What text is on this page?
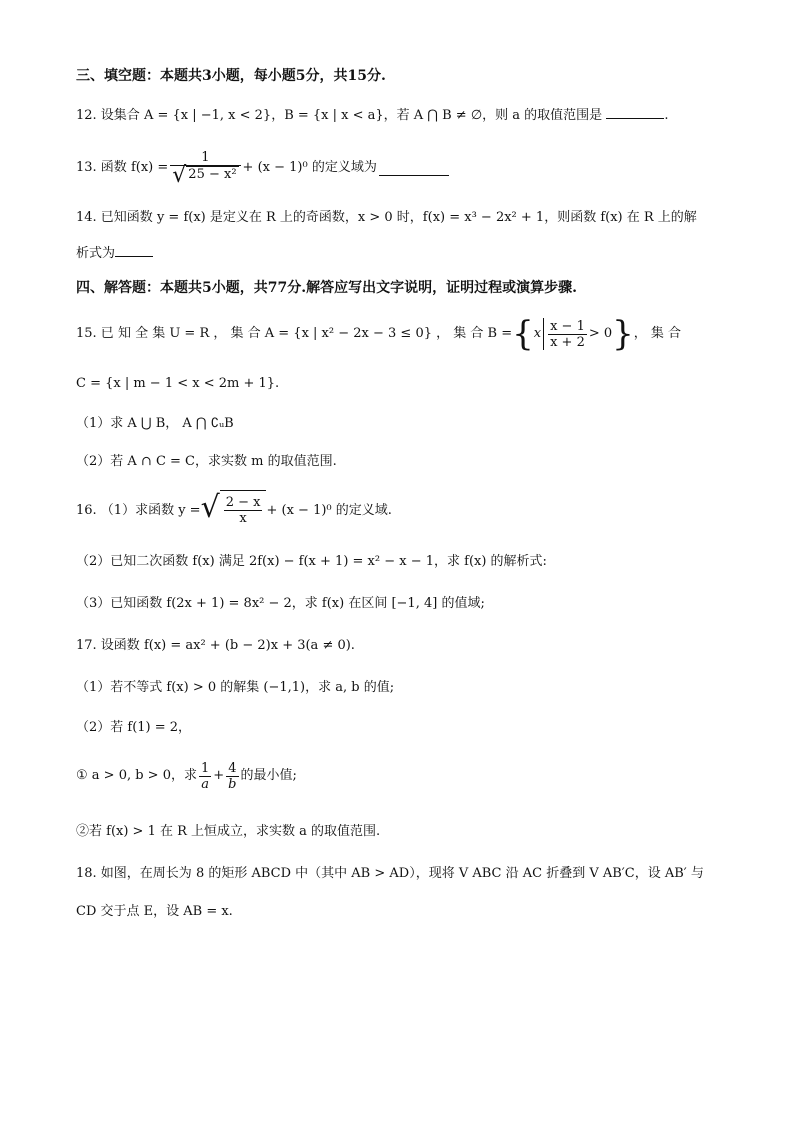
三、填空题：本题共3小题，每小题5分，共15分.
12. 设集合 A = {x | −1, x < 2}，B = {x | x < a}，若 A ⋂ B ≠ ∅，则 a 的取值范围是	.
13. 函数 $f(x) = \frac{1}{\text{√ 25 − x²}} + (x - 1)^0$ 的定义域为
14. 已知函数 y = f(x) 是定义在 R 上的奇函数，x > 0 时，f(x) = x³ − 2x² + 1，则函数 f(x) 在 R 上的解
析式为
四、解答题：本题共5小题，共77分.解答应写出文字说明，证明过程或演算步骤.
15. 已 知 全 集 U = R ， 集 合 A = {x | x² − 2x − 3 ≤ 0} ， 集 合 B = { x $\frac{x - 1}{x + 2} > 0$ } ， 集 合
C = {x | m − 1 < x < 2m + 1}.
（1）求 A ⋃ B， A ⋂ ∁ᵤB
（2）若 A ∩ C = C，求实数 m 的取值范围.
16. （1）求函数 y = √ $\frac{2 - x}{x} + (x - 1)^0$ 的定义域.
（2）已知二次函数 f(x) 满足 2f(x) − f(x + 1) = x² − x − 1，求 f(x) 的解析式:
（3）已知函数 f(2x + 1) = 8x² − 2，求 f(x) 在区间 [−1, 4] 的值域;
17. 设函数 f(x) = ax² + (b − 2)x + 3(a ≠ 0).
（1）若不等式 f(x) > 0 的解集 (−1,1)，求 a, b 的值;
（2）若 f(1) = 2，
① a > 0, b > 0，求 $\frac{1}{a} + \frac{4}{b}$ 的最小值;
②若 f(x) > 1 在 R 上恒成立，求实数 a 的取值范围.
18. 如图，在周长为 8 的矩形 ABCD 中（其中 AB > AD），现将 V ABC 沿 AC 折叠到 V AB′C，设 AB′ 与
CD 交于点 E，设 AB = x.
